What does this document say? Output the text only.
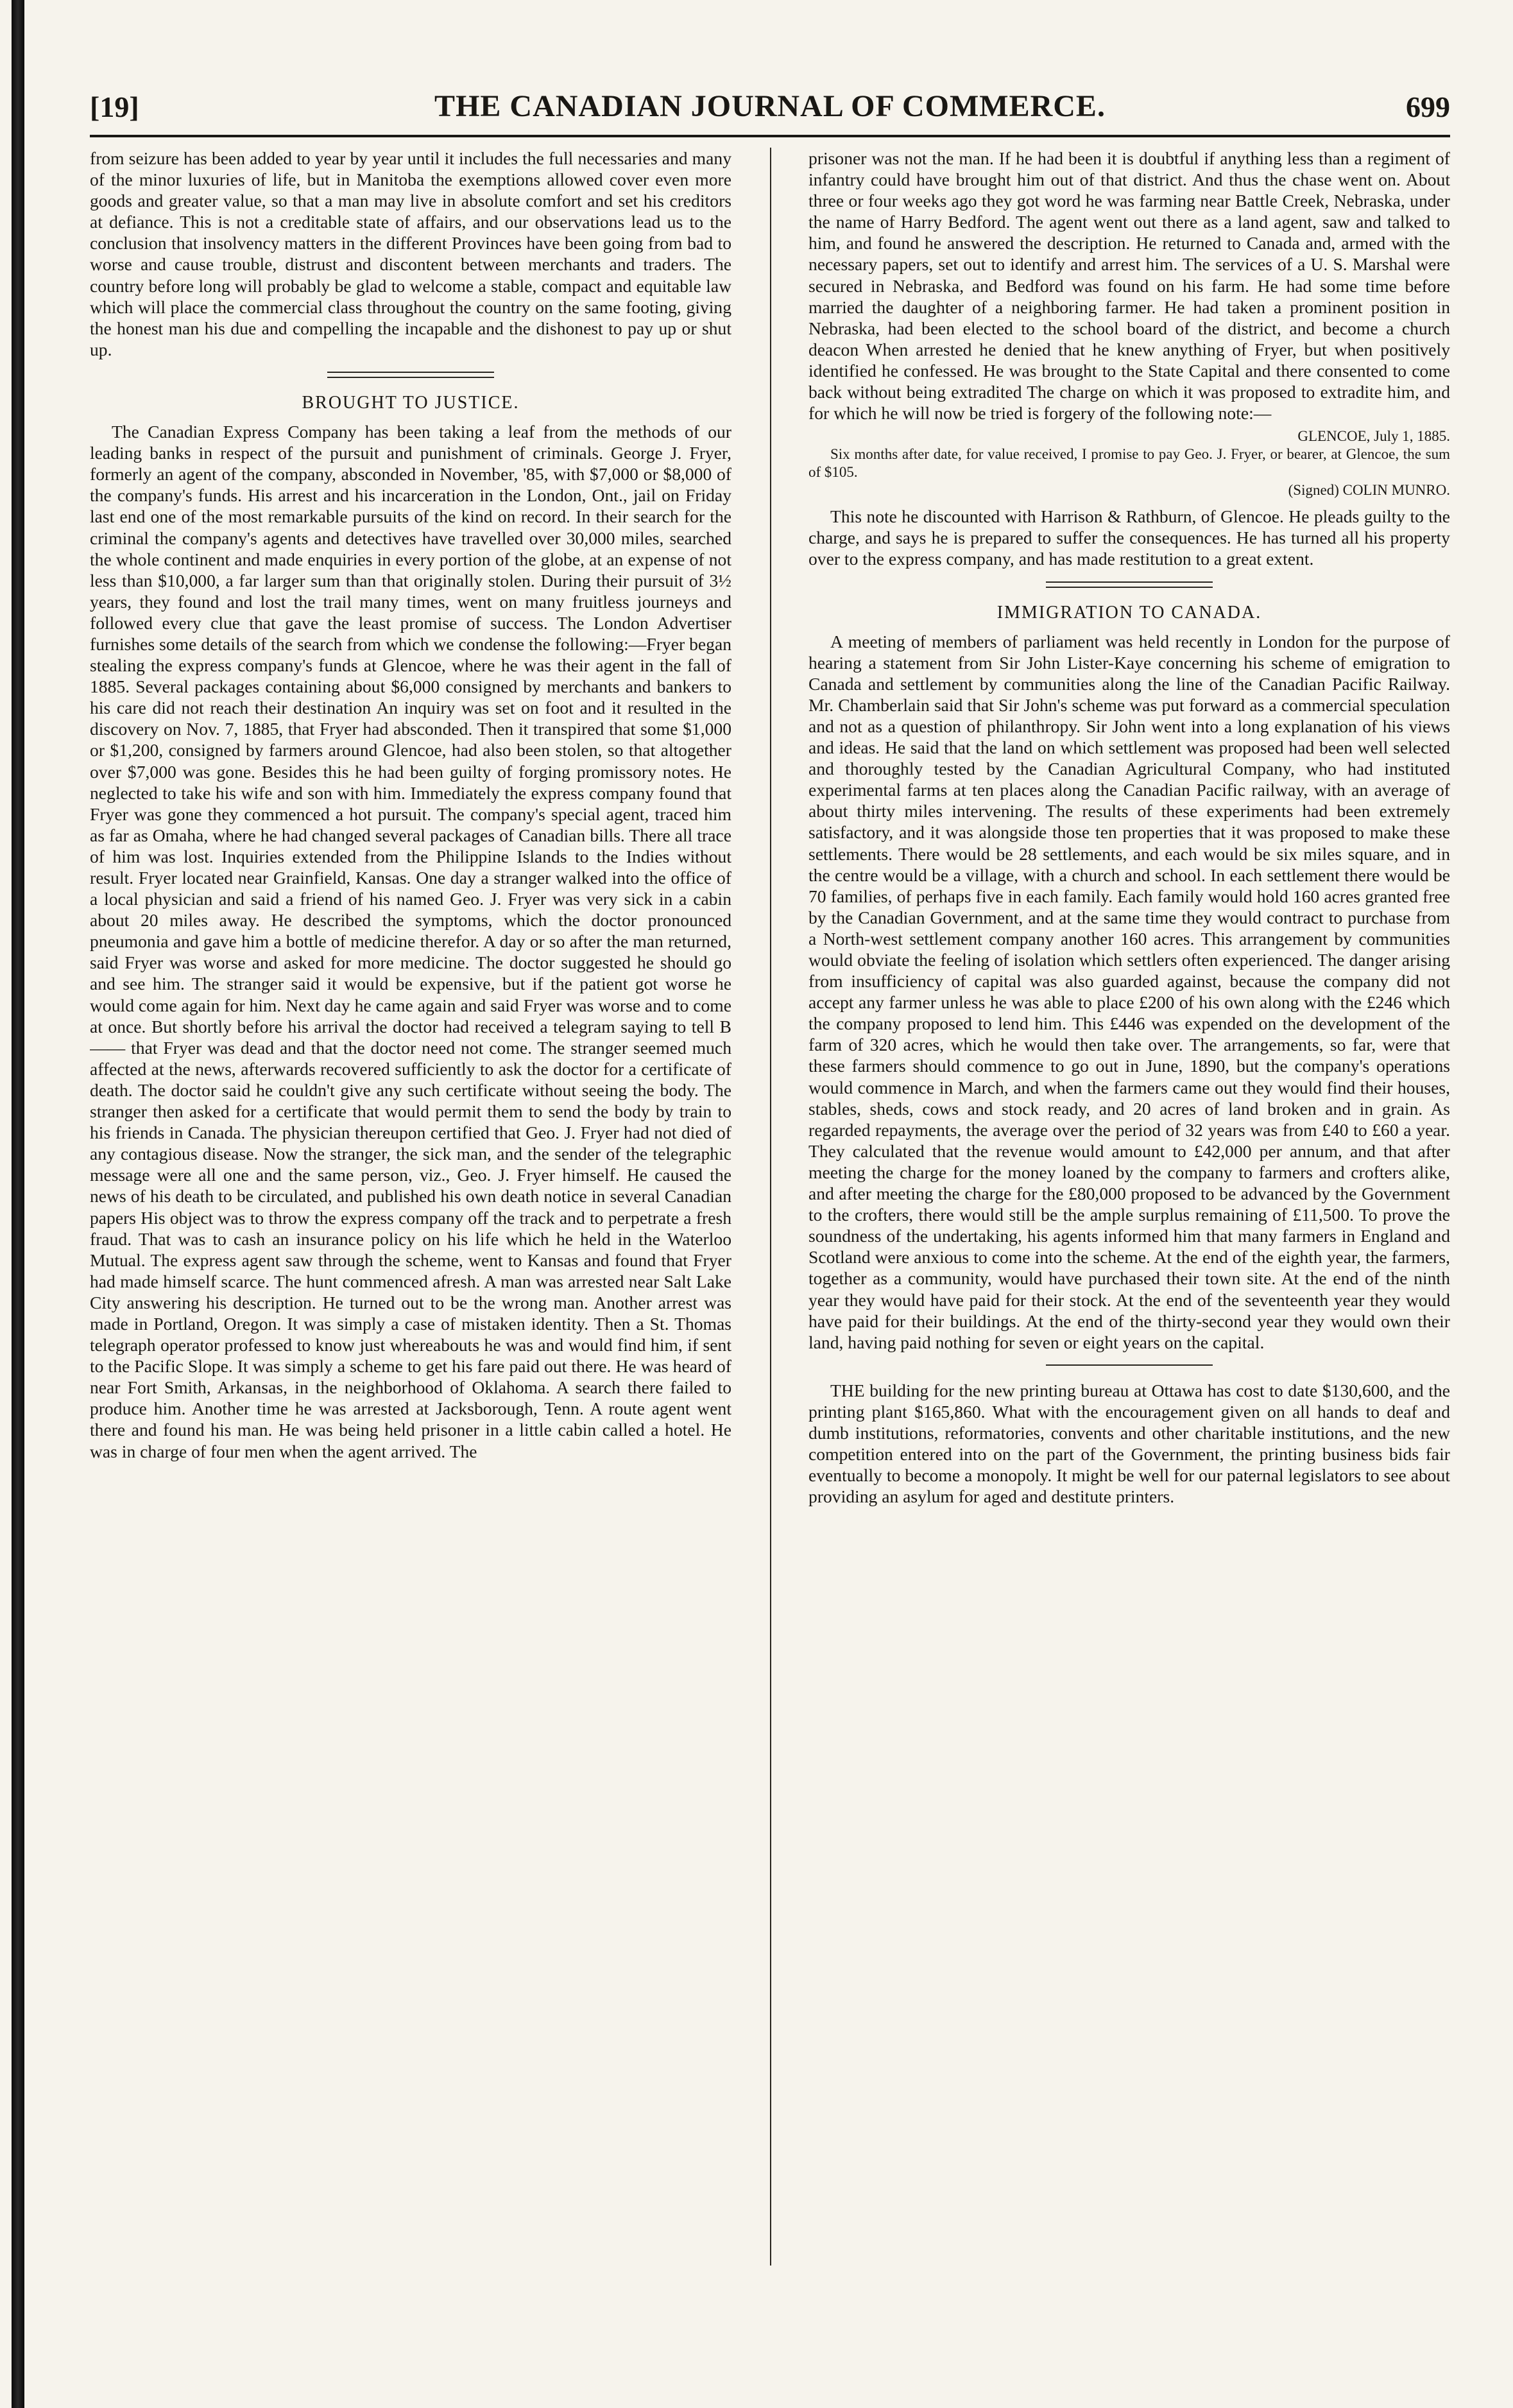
[19]	THE CANADIAN JOURNAL OF COMMERCE.	699

from seizure has been added to year by year until it includes the full necessaries and many of the minor luxuries of life, but in Manitoba the exemptions allowed cover even more goods and greater value, so that a man may live in absolute comfort and set his creditors at defiance. This is not a creditable state of affairs, and our observations lead us to the conclusion that insolvency matters in the different Provinces have been going from bad to worse and cause trouble, distrust and discontent between merchants and traders. The country before long will probably be glad to welcome a stable, compact and equitable law which will place the commercial class throughout the country on the same footing, giving the honest man his due and compelling the incapable and the dishonest to pay up or shut up.

BROUGHT TO JUSTICE.

The Canadian Express Company has been taking a leaf from the methods of our leading banks in respect of the pursuit and punishment of criminals. George J. Fryer, formerly an agent of the company, absconded in November, '85, with $7,000 or $8,000 of the company's funds. His arrest and his incarceration in the London, Ont., jail on Friday last end one of the most remarkable pursuits of the kind on record. In their search for the criminal the company's agents and detectives have travelled over 30,000 miles, searched the whole continent and made enquiries in every portion of the globe, at an expense of not less than $10,000, a far larger sum than that originally stolen. During their pursuit of 3½ years, they found and lost the trail many times, went on many fruitless journeys and followed every clue that gave the least promise of success. The London Advertiser furnishes some details of the search from which we condense the following:—Fryer began stealing the express company's funds at Glencoe, where he was their agent in the fall of 1885. Several packages containing about $6,000 consigned by merchants and bankers to his care did not reach their destination An inquiry was set on foot and it resulted in the discovery on Nov. 7, 1885, that Fryer had absconded. Then it transpired that some $1,000 or $1,200, consigned by farmers around Glencoe, had also been stolen, so that altogether over $7,000 was gone. Besides this he had been guilty of forging promissory notes. He neglected to take his wife and son with him. Immediately the express company found that Fryer was gone they commenced a hot pursuit. The company's special agent, traced him as far as Omaha, where he had changed several packages of Canadian bills. There all trace of him was lost. Inquiries extended from the Philippine Islands to the Indies without result. Fryer located near Grainfield, Kansas. One day a stranger walked into the office of a local physician and said a friend of his named Geo. J. Fryer was very sick in a cabin about 20 miles away. He described the symptoms, which the doctor pronounced pneumonia and gave him a bottle of medicine therefor. A day or so after the man returned, said Fryer was worse and asked for more medicine. The doctor suggested he should go and see him. The stranger said it would be expensive, but if the patient got worse he would come again for him. Next day he came again and said Fryer was worse and to come at once. But shortly before his arrival the doctor had received a telegram saying to tell B—— that Fryer was dead and that the doctor need not come. The stranger seemed much affected at the news, afterwards recovered sufficiently to ask the doctor for a certificate of death. The doctor said he couldn't give any such certificate without seeing the body. The stranger then asked for a certificate that would permit them to send the body by train to his friends in Canada. The physician thereupon certified that Geo. J. Fryer had not died of any contagious disease. Now the stranger, the sick man, and the sender of the telegraphic message were all one and the same person, viz., Geo. J. Fryer himself. He caused the news of his death to be circulated, and published his own death notice in several Canadian papers His object was to throw the express company off the track and to perpetrate a fresh fraud. That was to cash an insurance policy on his life which he held in the Waterloo Mutual. The express agent saw through the scheme, went to Kansas and found that Fryer had made himself scarce. The hunt commenced afresh. A man was arrested near Salt Lake City answering his description. He turned out to be the wrong man. Another arrest was made in Portland, Oregon. It was simply a case of mistaken identity. Then a St. Thomas telegraph operator professed to know just whereabouts he was and would find him, if sent to the Pacific Slope. It was simply a scheme to get his fare paid out there. He was heard of near Fort Smith, Arkansas, in the neighborhood of Oklahoma. A search there failed to produce him. Another time he was arrested at Jacksborough, Tenn. A route agent went there and found his man. He was being held prisoner in a little cabin called a hotel. He was in charge of four men when the agent arrived. The

prisoner was not the man. If he had been it is doubtful if anything less than a regiment of infantry could have brought him out of that district. And thus the chase went on. About three or four weeks ago they got word he was farming near Battle Creek, Nebraska, under the name of Harry Bedford. The agent went out there as a land agent, saw and talked to him, and found he answered the description. He returned to Canada and, armed with the necessary papers, set out to identify and arrest him. The services of a U. S. Marshal were secured in Nebraska, and Bedford was found on his farm. He had some time before married the daughter of a neighboring farmer. He had taken a prominent position in Nebraska, had been elected to the school board of the district, and become a church deacon When arrested he denied that he knew anything of Fryer, but when positively identified he confessed. He was brought to the State Capital and there consented to come back without being extradited The charge on which it was proposed to extradite him, and for which he will now be tried is forgery of the following note:—

GLENCOE, July 1, 1885.

Six months after date, for value received, I promise to pay Geo. J. Fryer, or bearer, at Glencoe, the sum of $105.

(Signed) COLIN MUNRO.

This note he discounted with Harrison & Rathburn, of Glencoe. He pleads guilty to the charge, and says he is prepared to suffer the consequences. He has turned all his property over to the express company, and has made restitution to a great extent.

IMMIGRATION TO CANADA.

A meeting of members of parliament was held recently in London for the purpose of hearing a statement from Sir John Lister-Kaye concerning his scheme of emigration to Canada and settlement by communities along the line of the Canadian Pacific Railway. Mr. Chamberlain said that Sir John's scheme was put forward as a commercial speculation and not as a question of philanthropy. Sir John went into a long explanation of his views and ideas. He said that the land on which settlement was proposed had been well selected and thoroughly tested by the Canadian Agricultural Company, who had instituted experimental farms at ten places along the Canadian Pacific railway, with an average of about thirty miles intervening. The results of these experiments had been extremely satisfactory, and it was alongside those ten properties that it was proposed to make these settlements. There would be 28 settlements, and each would be six miles square, and in the centre would be a village, with a church and school. In each settlement there would be 70 families, of perhaps five in each family. Each family would hold 160 acres granted free by the Canadian Government, and at the same time they would contract to purchase from a North-west settlement company another 160 acres. This arrangement by communities would obviate the feeling of isolation which settlers often experienced. The danger arising from insufficiency of capital was also guarded against, because the company did not accept any farmer unless he was able to place £200 of his own along with the £246 which the company proposed to lend him. This £446 was expended on the development of the farm of 320 acres, which he would then take over. The arrangements, so far, were that these farmers should commence to go out in June, 1890, but the company's operations would commence in March, and when the farmers came out they would find their houses, stables, sheds, cows and stock ready, and 20 acres of land broken and in grain. As regarded repayments, the average over the period of 32 years was from £40 to £60 a year. They calculated that the revenue would amount to £42,000 per annum, and that after meeting the charge for the money loaned by the company to farmers and crofters alike, and after meeting the charge for the £80,000 proposed to be advanced by the Government to the crofters, there would still be the ample surplus remaining of £11,500. To prove the soundness of the undertaking, his agents informed him that many farmers in England and Scotland were anxious to come into the scheme. At the end of the eighth year, the farmers, together as a community, would have purchased their town site. At the end of the ninth year they would have paid for their stock. At the end of the seventeenth year they would have paid for their buildings. At the end of the thirty-second year they would own their land, having paid nothing for seven or eight years on the capital.

THE building for the new printing bureau at Ottawa has cost to date $130,600, and the printing plant $165,860. What with the encouragement given on all hands to deaf and dumb institutions, reformatories, convents and other charitable institutions, and the new competition entered into on the part of the Government, the printing business bids fair eventually to become a monopoly. It might be well for our paternal legislators to see about providing an asylum for aged and destitute printers.
